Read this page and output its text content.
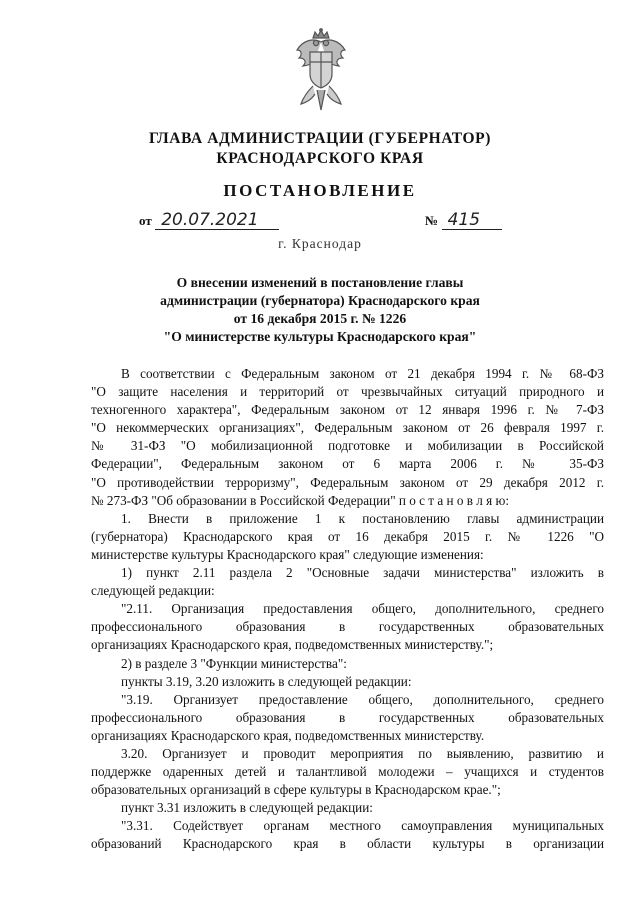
ГЛАВА АДМИНИСТРАЦИИ (ГУБЕРНАТОР)
КРАСНОДАРСКОГО КРАЯ
ПОСТАНОВЛЕНИЕ
от 20.07.2021	№ 415
г. Краснодар
О внесении изменений в постановление главы
администрации (губернатора) Краснодарского края
от 16 декабря 2015 г. № 1226
"О министерстве культуры Краснодарского края"
В соответствии с Федеральным законом от 21 декабря 1994 г. № 68-ФЗ
"О защите населения и территорий от чрезвычайных ситуаций природного и
техногенного характера", Федеральным законом от 12 января 1996 г. № 7-ФЗ
"О некоммерческих организациях", Федеральным законом от 26 февраля 1997 г.
№ 31-ФЗ "О мобилизационной подготовке и мобилизации в Российской
Федерации", Федеральным законом от 6 марта 2006 г. № 35-ФЗ
"О противодействии терроризму", Федеральным законом от 29 декабря 2012 г.
№ 273-ФЗ "Об образовании в Российской Федерации" п о с т а н о в л я ю:
1. Внести в приложение 1 к постановлению главы администрации
(губернатора) Краснодарского края от 16 декабря 2015 г. № 1226 "О
министерстве культуры Краснодарского края" следующие изменения:
1) пункт 2.11 раздела 2 "Основные задачи министерства" изложить в
следующей редакции:
"2.11. Организация предоставления общего, дополнительного, среднего
профессионального образования в государственных образовательных
организациях Краснодарского края, подведомственных министерству.";
2) в разделе 3 "Функции министерства":
пункты 3.19, 3.20 изложить в следующей редакции:
"3.19. Организует предоставление общего, дополнительного, среднего
профессионального образования в государственных образовательных
организациях Краснодарского края, подведомственных министерству.
3.20. Организует и проводит мероприятия по выявлению, развитию и
поддержке одаренных детей и талантливой молодежи – учащихся и студентов
образовательных организаций в сфере культуры в Краснодарском крае.";
пункт 3.31 изложить в следующей редакции:
"3.31. Содействует органам местного самоуправления муниципальных
образований Краснодарского края в области культуры в организации
